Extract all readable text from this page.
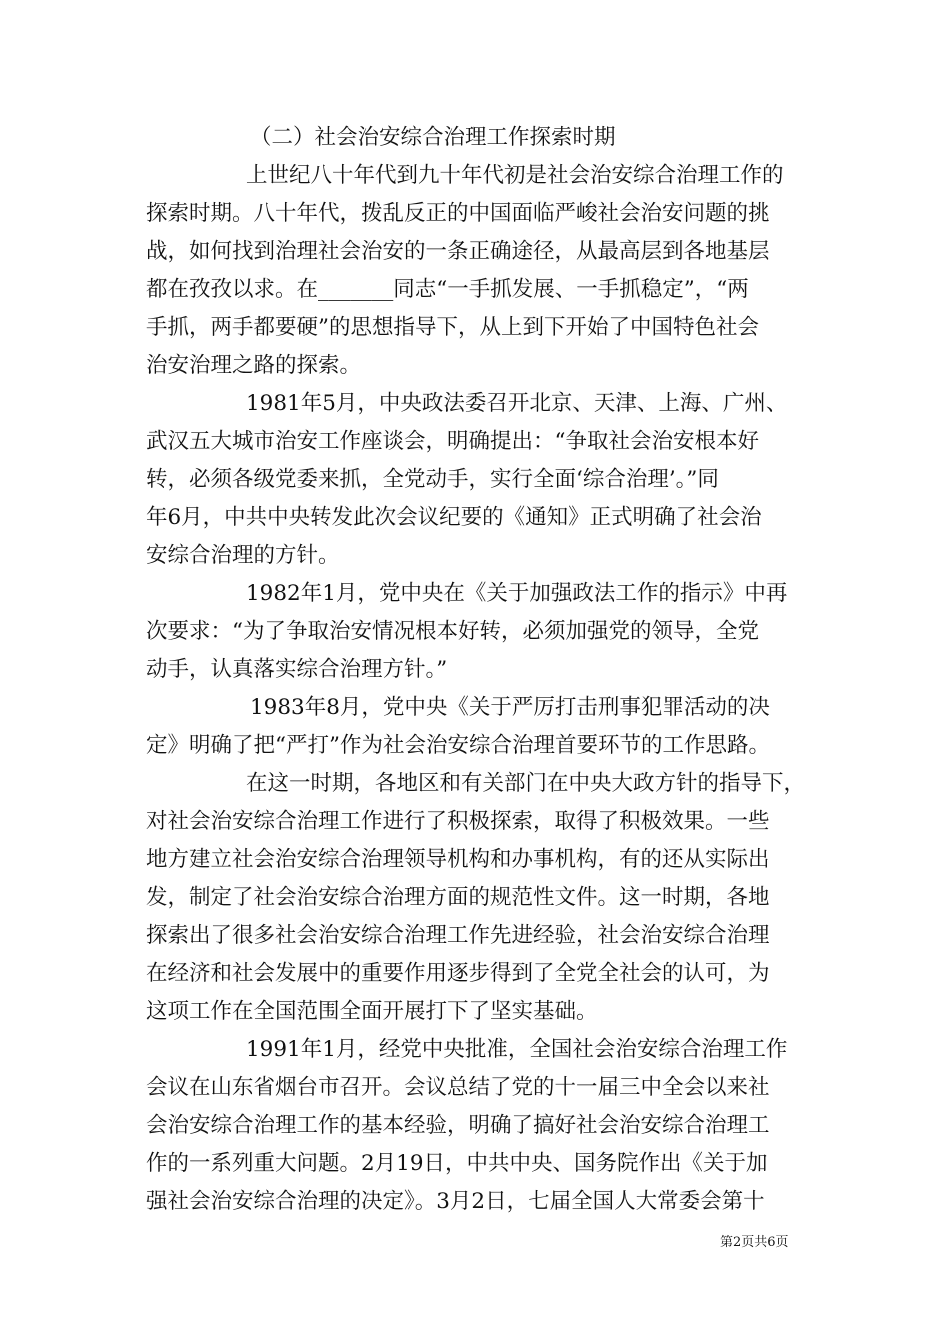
（二）社会治安综合治理工作探索时期
上世纪八十年代到九十年代初是社会治安综合治理工作的
探索时期。八十年代，拨乱反正的中国面临严峻社会治安问题的挑
战，如何找到治理社会治安的一条正确途径，从最高层到各地基层
都在孜孜以求。在_______同志“一手抓发展、一手抓稳定”，“两
手抓，两手都要硬”的思想指导下，从上到下开始了中国特色社会
治安治理之路的探索。
1981年5月，中央政法委召开北京、天津、上海、广州、
武汉五大城市治安工作座谈会，明确提出：“争取社会治安根本好
转，必须各级党委来抓，全党动手，实行全面‘综合治理’。”同
年6月，中共中央转发此次会议纪要的《通知》正式明确了社会治
安综合治理的方针。
1982年1月，党中央在《关于加强政法工作的指示》中再
次要求：“为了争取治安情况根本好转，必须加强党的领导，全党
动手，认真落实综合治理方针。”
1983年8月，党中央《关于严厉打击刑事犯罪活动的决
定》明确了把“严打”作为社会治安综合治理首要环节的工作思路。
在这一时期，各地区和有关部门在中央大政方针的指导下，
对社会治安综合治理工作进行了积极探索，取得了积极效果。一些
地方建立社会治安综合治理领导机构和办事机构，有的还从实际出
发，制定了社会治安综合治理方面的规范性文件。这一时期，各地
探索出了很多社会治安综合治理工作先进经验，社会治安综合治理
在经济和社会发展中的重要作用逐步得到了全党全社会的认可，为
这项工作在全国范围全面开展打下了坚实基础。
1991年1月，经党中央批准，全国社会治安综合治理工作
会议在山东省烟台市召开。会议总结了党的十一届三中全会以来社
会治安综合治理工作的基本经验，明确了搞好社会治安综合治理工
作的一系列重大问题。2月19日，中共中央、国务院作出《关于加
强社会治安综合治理的决定》。3月2日，七届全国人大常委会第十
第2页共6页
